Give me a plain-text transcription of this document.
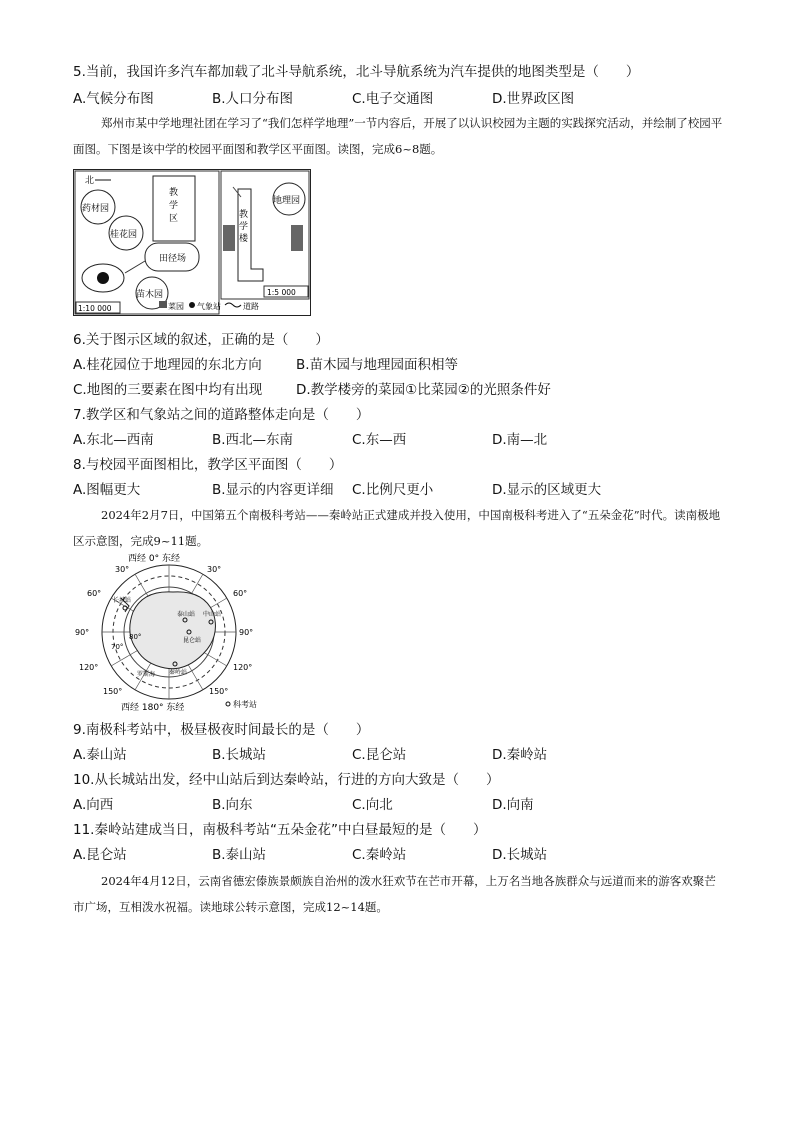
5.当前，我国许多汽车都加载了北斗导航系统，北斗导航系统为汽车提供的地图类型是（　　）
A.气候分布图	B.人口分布图	C.电子交通图	D.世界政区图
郑州市某中学地理社团在学习了“我们怎样学地理”一节内容后，开展了以认识校园为主题的实践探究活动，并绘制了校园平面图。下图是该中学的校园平面图和教学区平面图。读图，完成6~8题。
北
药材园
桂花园
教
学
区
田径场
苗木园
1:10 000	菜园 气象站	道路
教
学
楼
地理园
1:5 000
6.关于图示区域的叙述，正确的是（　　）
A.桂花园位于地理园的东北方向	B.苗木园与地理园面积相等
C.地图的三要素在图中均有出现	D.教学楼旁的菜园①比菜园②的光照条件好
7.教学区和气象站之间的道路整体走向是（　　）
A.东北—西南	B.西北—东南	C.东—西	D.南—北
8.与校园平面图相比，教学区平面图（　　）
A.图幅更大	B.显示的内容更详细 C.比例尺更小	D.显示的区域更大
2024年2月7日，中国第五个南极科考站——秦岭站正式建成并投入使用，中国南极科考进入了“五朵金花”时代。读南极地区示意图，完成9~11题。
西经 0° 东经
30°
60°
90°
120°
150°
30°
60°
90°
120°
150°
80°
70°
长城站
泰山站
昆仑站
中山站
秦岭站
罗斯海
西经 180° 东经	科考站
9.南极科考站中，极昼极夜时间最长的是（　　）
A.泰山站	B.长城站	C.昆仑站	D.秦岭站
10.从长城站出发，经中山站后到达秦岭站，行进的方向大致是（　　）
A.向西	B.向东	C.向北	D.向南
11.秦岭站建成当日，南极科考站“五朵金花”中白昼最短的是（　　）
A.昆仑站	B.泰山站	C.秦岭站	D.长城站
2024年4月12日，云南省德宏傣族景颇族自治州的泼水狂欢节在芒市开幕，上万名当地各族群众与远道而来的游客欢聚芒市广场，互相泼水祝福。读地球公转示意图，完成12~14题。
